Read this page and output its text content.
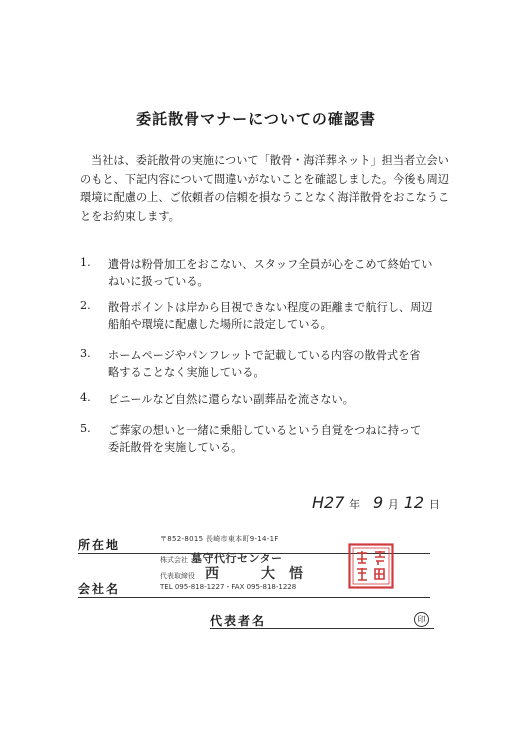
委託散骨マナーについての確認書
当社は、委託散骨の実施について「散骨・海洋葬ネット」担当者立会い
のもと、下記内容について間違いがないことを確認しました。今後も周辺
環境に配慮の上、ご依頼者の信頼を損なうことなく海洋散骨をおこなうこ
とをお約束します。
1. 遺骨は粉骨加工をおこない、スタッフ全員が心をこめて終始てい
ねいに扱っている。
2. 散骨ポイントは岸から目視できない程度の距離まで航行し、周辺
船舶や環境に配慮した場所に設定している。
3. ホームページやパンフレットで記載している内容の散骨式を省
略することなく実施している。
4. ビニールなど自然に還らない副葬品を流さない。
5. ご葬家の想いと一緒に乗船しているという自覚をつねに持って
委託散骨を実施している。
H27 年 9 月 12 日
所在地
会社名
代表者名	印
〒852-8015 長崎市東本町9-14-1F
株式会社 墓守代行センター
代表取締役 西　大悟
TEL 095-818-1227・FAX 095-818-1228
